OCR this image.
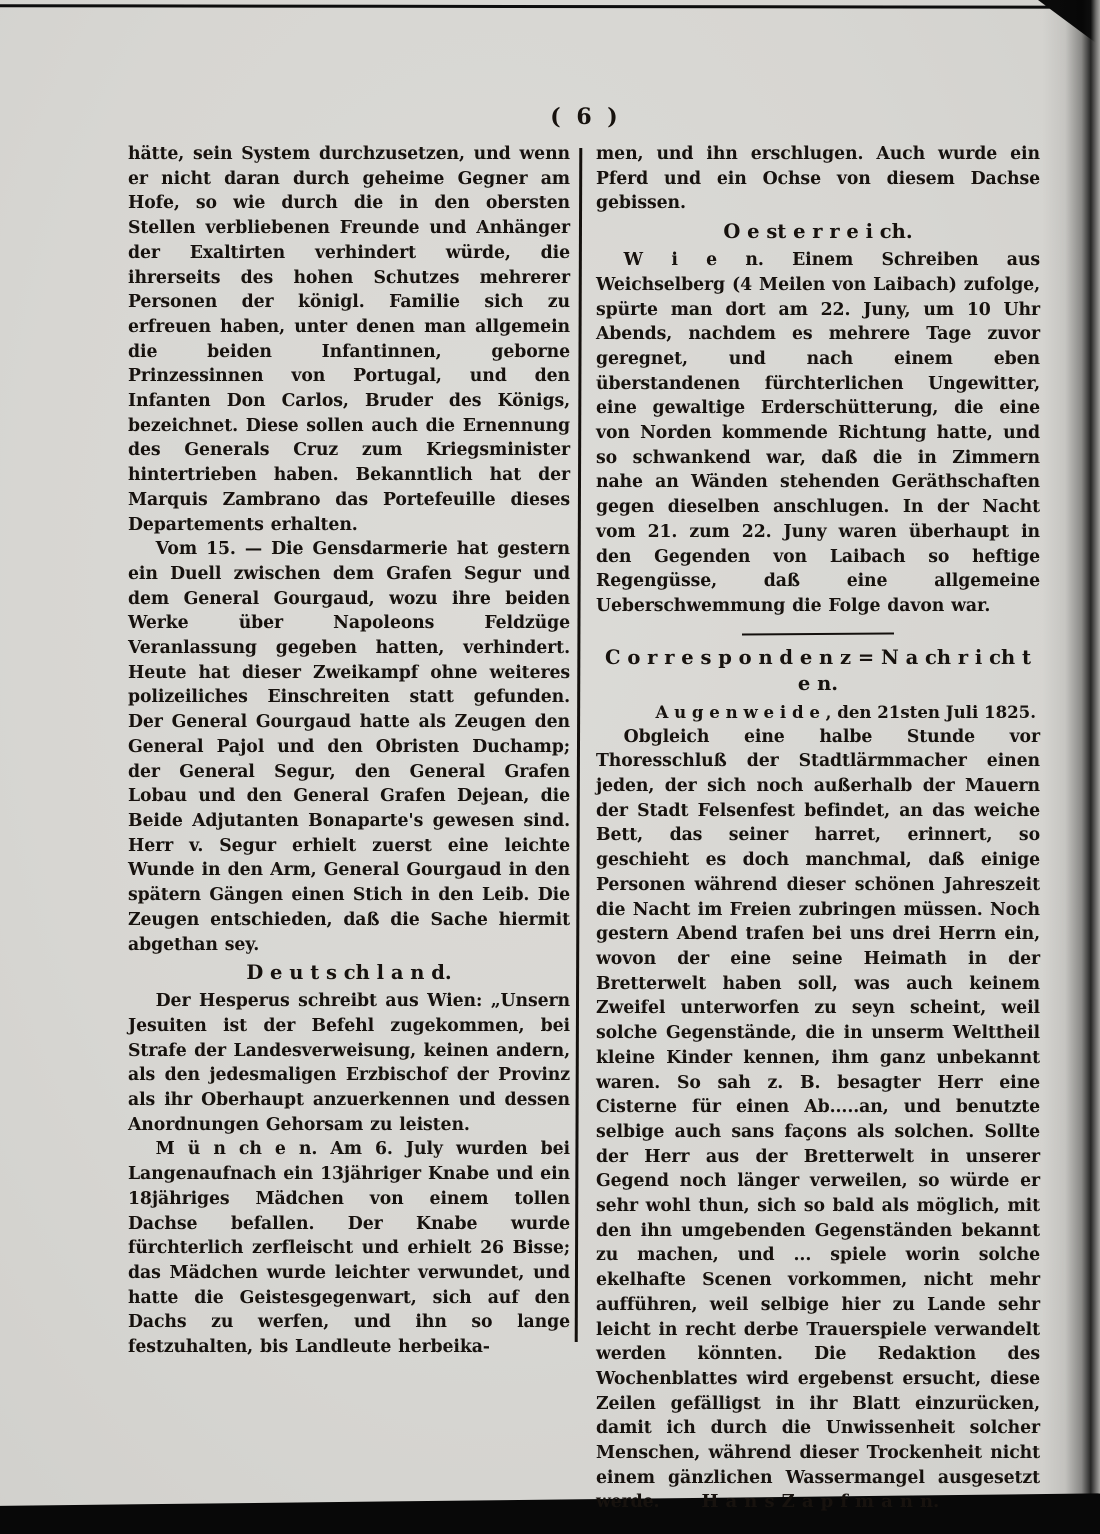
( 6 )

hätte, sein System durchzusetzen, und wenn er nicht daran durch geheime Gegner am Hofe, so wie durch die in den obersten Stellen verbliebenen Freunde und Anhänger der Exaltirten verhindert würde, die ihrerseits des hohen Schutzes mehrerer Personen der königl. Familie sich zu erfreuen haben, unter denen man allgemein die beiden Infantinnen, geborne Prinzessinnen von Portugal, und den Infanten Don Carlos, Bruder des Königs, bezeichnet. Diese sollen auch die Ernennung des Generals Cruz zum Kriegsminister hintertrieben haben. Bekanntlich hat der Marquis Zambrano das Portefeuille dieses Departements erhalten.

Vom 15. — Die Gensdarmerie hat gestern ein Duell zwischen dem Grafen Segur und dem General Gourgaud, wozu ihre beiden Werke über Napoleons Feldzüge Veranlassung gegeben hatten, verhindert. Heute hat dieser Zweikampf ohne weiteres polizeiliches Einschreiten statt gefunden. Der General Gourgaud hatte als Zeugen den General Pajol und den Obristen Duchamp; der General Segur, den General Grafen Lobau und den General Grafen Dejean, die Beide Adjutanten Bonaparte's gewesen sind. Herr v. Segur erhielt zuerst eine leichte Wunde in den Arm, General Gourgaud in den spätern Gängen einen Stich in den Leib. Die Zeugen entschieden, daß die Sache hiermit abgethan sey.

D e u t s ch l a n d.

Der Hesperus schreibt aus Wien: „Unsern Jesuiten ist der Befehl zugekommen, bei Strafe der Landesverweisung, keinen andern, als den jedesmaligen Erzbischof der Provinz als ihr Oberhaupt anzuerkennen und dessen Anordnungen Gehorsam zu leisten.

M ü n ch e n. Am 6. July wurden bei Langenaufnach ein 13jähriger Knabe und ein 18jähriges Mädchen von einem tollen Dachse befallen. Der Knabe wurde fürchterlich zerfleischt und erhielt 26 Bisse; das Mädchen wurde leichter verwundet, und hatte die Geistesgegenwart, sich auf den Dachs zu werfen, und ihn so lange festzuhalten, bis Landleute herbeika-

men, und ihn erschlugen. Auch wurde ein Pferd und ein Ochse von diesem Dachse gebissen.

O e st e r r e i ch.

W i e n. Einem Schreiben aus Weichselberg (4 Meilen von Laibach) zufolge, spürte man dort am 22. Juny, um 10 Uhr Abends, nachdem es mehrere Tage zuvor geregnet, und nach einem eben überstandenen fürchterlichen Ungewitter, eine gewaltige Erderschütterung, die eine von Norden kommende Richtung hatte, und so schwankend war, daß die in Zimmern nahe an Wänden stehenden Geräthschaften gegen dieselben anschlugen. In der Nacht vom 21. zum 22. Juny waren überhaupt in den Gegenden von Laibach so heftige Regengüsse, daß eine allgemeine Ueberschwemmung die Folge davon war.

C o r r e s p o n d e n z = N a ch r i ch t e n.
A u g e n w e i d e , den 21sten Juli 1825.

Obgleich eine halbe Stunde vor Thoresschluß der Stadtlärmmacher einen jeden, der sich noch außerhalb der Mauern der Stadt Felsenfest befindet, an das weiche Bett, das seiner harret, erinnert, so geschieht es doch manchmal, daß einige Personen während dieser schönen Jahreszeit die Nacht im Freien zubringen müssen. Noch gestern Abend trafen bei uns drei Herrn ein, wovon der eine seine Heimath in der Bretterwelt haben soll, was auch keinem Zweifel unterworfen zu seyn scheint, weil solche Gegenstände, die in unserm Welttheil kleine Kinder kennen, ihm ganz unbekannt waren. So sah z. B. besagter Herr eine Cisterne für einen Ab.....an, und benutzte selbige auch sans façons als solchen. Sollte der Herr aus der Bretterwelt in unserer Gegend noch länger verweilen, so würde er sehr wohl thun, sich so bald als möglich, mit den ihn umgebenden Gegenständen bekannt zu machen, und ... spiele worin solche ekelhafte Scenen vorkommen, nicht mehr aufführen, weil selbige hier zu Lande sehr leicht in recht derbe Trauerspiele verwandelt werden könnten. Die Redaktion des Wochenblattes wird ergebenst ersucht, diese Zeilen gefälligst in ihr Blatt einzurücken, damit ich durch die Unwissenheit solcher Menschen, während dieser Trockenheit nicht einem gänzlichen Wassermangel ausgesetzt werde. H a n s Z a p f m a n n.
